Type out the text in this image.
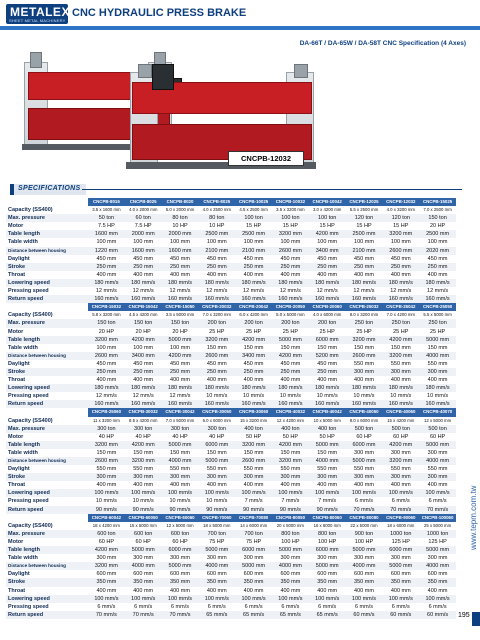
METALEX
SHEET METAL MACHINERY
CNC HYDRAULIC PRESS BRAKE
DA-66T / DA-65W / DA-58T CNC Specification (4 Axes)
CNCPB-12032
SPECIFICATIONS
	CNCPB-8016	CNCPB-8025	CNCPB-8020	CNCPB-8025	CNCPB-10025	CNCPB-10032	CNCPB-10042	CNCPB-12025	CNCPB-12032	CNCPB-15025
Capacity (SS400)	3.5 x 1600 mm	4.0 x 2000 mm	5.0 x 2000 mm	4.0 x 2500 mm	4.5 x 2500 mm	3.5 x 3200 mm	3.0 x 4200 mm	5.5 x 2500 mm	4.0 x 3200 mm	7.0 x 2500 mm
Max. pressure	50 ton	60 ton	80 ton	80 ton	100 ton	100 ton	100 ton	120 ton	120 ton	150 ton
Motor	7.5 HP	7.5 HP	10 HP	10 HP	15 HP	15 HP	15 HP	15 HP	15 HP	20 HP
Table length	1600 mm	2000 mm	2000 mm	2500 mm	2500 mm	3200 mm	4200 mm	2500 mm	3200 mm	2500 mm
Table width	100 mm	100 mm	100 mm	100 mm	100 mm	100 mm	100 mm	100 mm	100 mm	100 mm
Distance between housing	1220 mm	1600 mm	1600 mm	2100 mm	2100 mm	2600 mm	3400 mm	2100 mm	2600 mm	2020 mm
Daylight	450 mm	450 mm	450 mm	450 mm	450 mm	450 mm	450 mm	450 mm	450 mm	450 mm
Stroke	250 mm	250 mm	250 mm	250 mm	250 mm	250 mm	250 mm	250 mm	250 mm	250 mm
Throat	400 mm	400 mm	400 mm	400 mm	400 mm	400 mm	400 mm	400 mm	400 mm	400 mm
Lowering speed	180 mm/s	180 mm/s	180 mm/s	180 mm/s	180 mm/s	180 mm/s	180 mm/s	180 mm/s	180 mm/s	180 mm/s
Pressing speed	12 mm/s	12 mm/s	12 mm/s	12 mm/s	12 mm/s	12 mm/s	12 mm/s	12 mm/s	12 mm/s	12 mm/s
Return speed	160 mm/s	160 mm/s	160 mm/s	160 mm/s	160 mm/s	160 mm/s	160 mm/s	160 mm/s	160 mm/s	160 mm/s
	CNCPB-15032	CNCPB-15042	CNCPB-15050	CNCPB-20032	CNCPB-20042	CNCPB-20050	CNCPB-20060	CNCPB-25032	CNCPB-25042	CNCPB-25050
Capacity (SS400)	5.8 x 3200 mm	4.5 x 4200 mm	3.5 x 5000 mm	7.0 x 3200 mm	6.0 x 4200 mm	5.0 x 5000 mm	4.0 x 6000 mm	8.0 x 3200 mm	7.0 x 4200 mm	5.5 x 5000 mm
Max. pressure	150 ton	150 ton	150 ton	200 ton	200 ton	200 ton	200 ton	250 ton	250 ton	250 ton
Motor	20 HP	20 HP	20 HP	25 HP	25 HP	25 HP	25 HP	25 HP	25 HP	25 HP
Table length	3200 mm	4200 mm	5000 mm	3200 mm	4200 mm	5000 mm	6000 mm	3200 mm	4200 mm	5000 mm
Table width	100 mm	100 mm	100 mm	150 mm	150 mm	150 mm	150 mm	150 mm	150 mm	150 mm
Distance between housing	2600 mm	3400 mm	4200 mm	2600 mm	3400 mm	4200 mm	5200 mm	2600 mm	3200 mm	4000 mm
Daylight	450 mm	450 mm	450 mm	450 mm	450 mm	450 mm	450 mm	550 mm	550 mm	550 mm
Stroke	250 mm	250 mm	250 mm	250 mm	250 mm	250 mm	250 mm	300 mm	300 mm	300 mm
Throat	400 mm	400 mm	400 mm	400 mm	400 mm	400 mm	400 mm	400 mm	400 mm	400 mm
Lowering speed	180 mm/s	180 mm/s	180 mm/s	180 mm/s	180 mm/s	180 mm/s	180 mm/s	180 mm/s	180 mm/s	180 mm/s
Pressing speed	12 mm/s	12 mm/s	12 mm/s	10 mm/s	10 mm/s	10 mm/s	10 mm/s	10 mm/s	10 mm/s	10 mm/s
Return speed	160 mm/s	160 mm/s	160 mm/s	160 mm/s	160 mm/s	160 mm/s	160 mm/s	160 mm/s	160 mm/s	160 mm/s
	CNCPB-25060	CNCPB-30032	CNCPB-30042	CNCPB-30050	CNCPB-30060	CNCPB-40032	CNCPB-40042	CNCPB-40050	CNCPB-40060	CNCPB-40070
Capacity (SS400)	11 x 3200 mm	8.5 x 4200 mm	7.0 x 5000 mm	6.0 x 6000 mm	15 x 3200 mm	12 x 4200 mm	10 x 5000 mm	8.0 x 6000 mm	15 x 4200 mm	12 x 5000 mm
Max. pressure	300 ton	300 ton	300 ton	300 ton	400 ton	400 ton	400 ton	500 ton	500 ton	500 ton
Motor	40 HP	40 HP	40 HP	40 HP	50 HP	50 HP	50 HP	60 HP	60 HP	60 HP
Table length	3200 mm	4200 mm	5000 mm	6000 mm	3200 mm	4200 mm	5000 mm	6000 mm	4200 mm	5000 mm
Table width	150 mm	150 mm	150 mm	150 mm	150 mm	150 mm	150 mm	300 mm	300 mm	300 mm
Distance between housing	2600 mm	3200 mm	4000 mm	5000 mm	2600 mm	3200 mm	4000 mm	5000 mm	3200 mm	4000 mm
Daylight	550 mm	550 mm	550 mm	550 mm	550 mm	550 mm	550 mm	550 mm	550 mm	550 mm
Stroke	300 mm	300 mm	300 mm	300 mm	300 mm	300 mm	300 mm	300 mm	300 mm	300 mm
Throat	400 mm	400 mm	400 mm	400 mm	400 mm	400 mm	400 mm	400 mm	400 mm	400 mm
Lowering speed	100 mm/s	100 mm/s	100 mm/s	100 mm/s	100 mm/s	100 mm/s	100 mm/s	100 mm/s	100 mm/s	100 mm/s
Pressing speed	10 mm/s	10 mm/s	10 mm/s	10 mm/s	7 mm/s	7 mm/s	7 mm/s	6 mm/s	6 mm/s	6 mm/s
Return speed	90 mm/s	90 mm/s	90 mm/s	90 mm/s	90 mm/s	90 mm/s	90 mm/s	70 mm/s	70 mm/s	70 mm/s
	CNCPB-60042	CNCPB-60050	CNCPB-60060	CNCPB-70060	CNCPB-70080	CNCPB-80050	CNCPB-80060	CNCPB-80080	CNCPB-90060	CNCPB-100060
Capacity (SS400)	18 x 4200 mm	15 x 5000 mm	12 x 6000 mm	18 x 5000 mm	14 x 6000 mm	20 x 5000 mm	16 x 6000 mm	22 x 5000 mm	18 x 6000 mm	25 x 5000 mm
Max. pressure	600 ton	600 ton	600 ton	700 ton	700 ton	800 ton	800 ton	900 ton	1000 ton	1000 ton
Motor	60 HP	60 HP	60 HP	75 HP	75 HP	100 HP	100 HP	100 HP	125 HP	125 HP
Table length	4200 mm	5000 mm	6000 mm	5000 mm	6000 mm	5000 mm	6000 mm	5000 mm	6000 mm	5000 mm
Table width	300 mm	300 mm	300 mm	300 mm	300 mm	300 mm	300 mm	300 mm	300 mm	300 mm
Distance between housing	3200 mm	4000 mm	5000 mm	4000 mm	5000 mm	4000 mm	5000 mm	4000 mm	5000 mm	4000 mm
Daylight	600 mm	600 mm	600 mm	600 mm	600 mm	600 mm	600 mm	600 mm	600 mm	600 mm
Stroke	350 mm	350 mm	350 mm	350 mm	350 mm	350 mm	350 mm	350 mm	350 mm	350 mm
Throat	400 mm	400 mm	400 mm	400 mm	400 mm	400 mm	400 mm	400 mm	400 mm	400 mm
Lowering speed	100 mm/s	100 mm/s	100 mm/s	100 mm/s	100 mm/s	100 mm/s	100 mm/s	100 mm/s	100 mm/s	100 mm/s
Pressing speed	6 mm/s	6 mm/s	6 mm/s	6 mm/s	6 mm/s	6 mm/s	6 mm/s	6 mm/s	6 mm/s	6 mm/s
Return speed	70 mm/s	70 mm/s	70 mm/s	65 mm/s	65 mm/s	65 mm/s	65 mm/s	60 mm/s	60 mm/s	60 mm/s
www.tepm.com.tw
195
